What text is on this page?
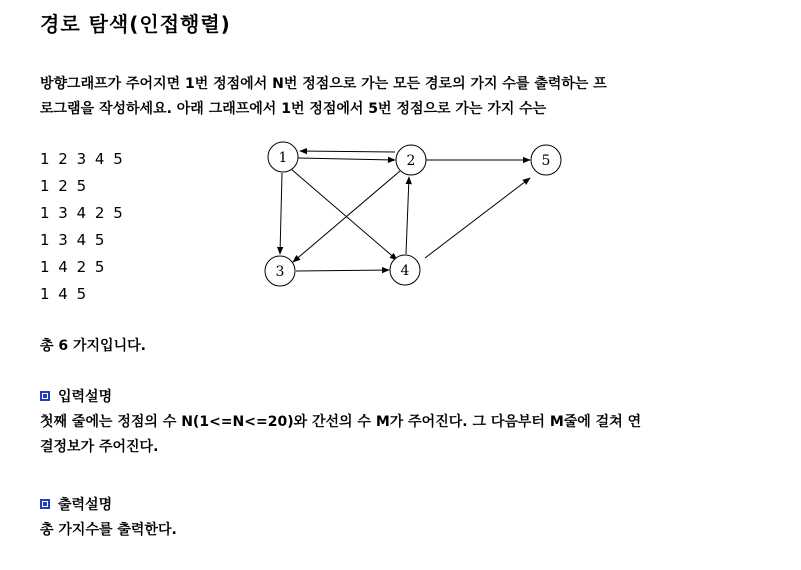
경로 탐색(인접행렬)
방향그래프가 주어지면 1번 정점에서 N번 정점으로 가는 모든 경로의 가지 수를 출력하는 프
로그램을 작성하세요. 아래 그래프에서 1번 정점에서 5번 정점으로 가는 가지 수는
1 2 3 4 5
1 2 5
1 3 4 2 5
1 3 4 5
1 4 2 5
1 4 5
1	2
3	4
5
총 6 가지입니다.
입력설명
첫째 줄에는 정점의 수 N(1<=N<=20)와 간선의 수 M가 주어진다. 그 다음부터 M줄에 걸쳐 연
결정보가 주어진다.
출력설명
총 가지수를 출력한다.
